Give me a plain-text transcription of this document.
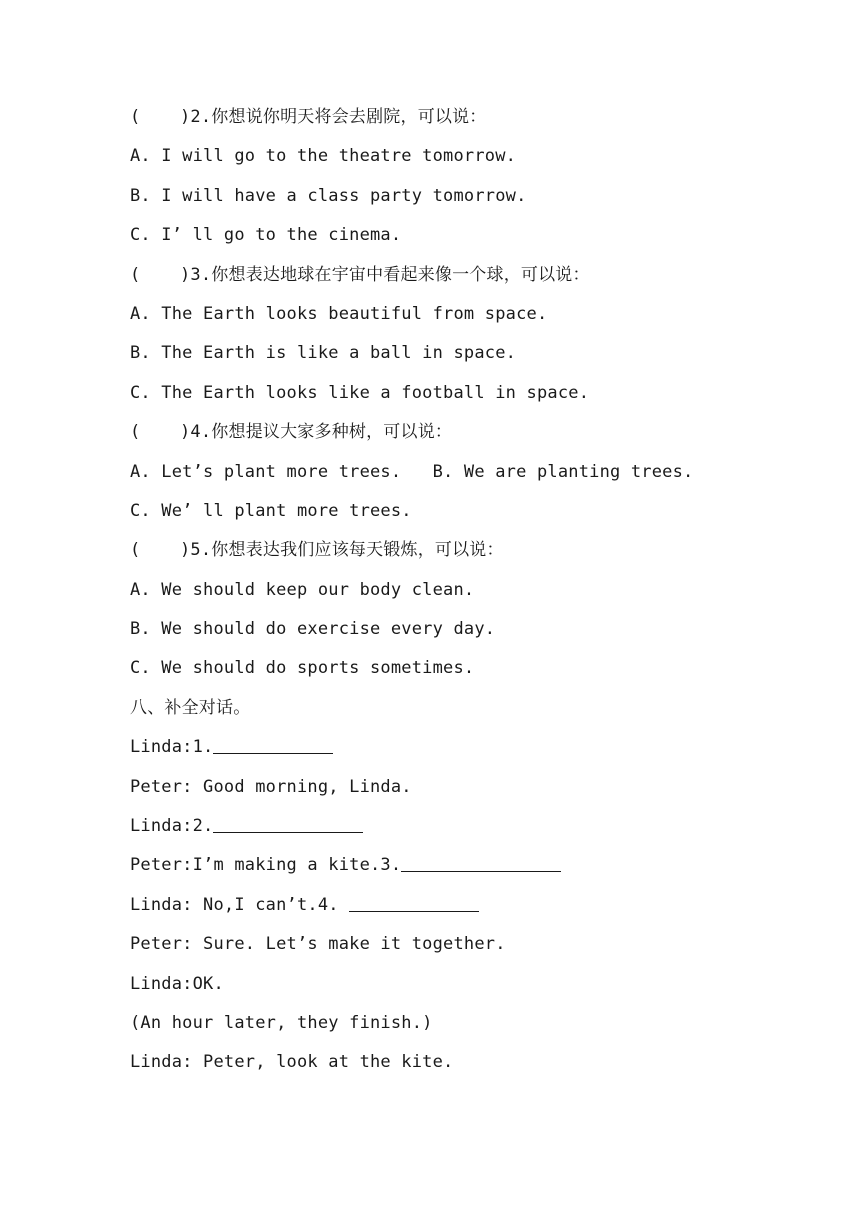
( )2.你想说你明天将会去剧院，可以说：
A. I will go to the theatre tomorrow.
B. I will have a class party tomorrow.
C. I’ ll go to the cinema.
( )3.你想表达地球在宇宙中看起来像一个球，可以说：
A. The Earth looks beautiful from space.
B. The Earth is like a ball in space.
C. The Earth looks like a football in space.
( )4.你想提议大家多种树，可以说：
A. Let’s plant more trees.   B. We are planting trees.
C. We’ ll plant more trees.
( )5.你想表达我们应该每天锻炼，可以说：
A. We should keep our body clean.
B. We should do exercise every day.
C. We should do sports sometimes.
八、补全对话。
Linda:1.
Peter: Good morning, Linda.
Linda:2.
Peter:I’m making a kite.3.
Linda: No,I can’t.4.
Peter: Sure. Let’s make it together.
Linda:OK.
(An hour later, they finish.)
Linda: Peter, look at the kite.
